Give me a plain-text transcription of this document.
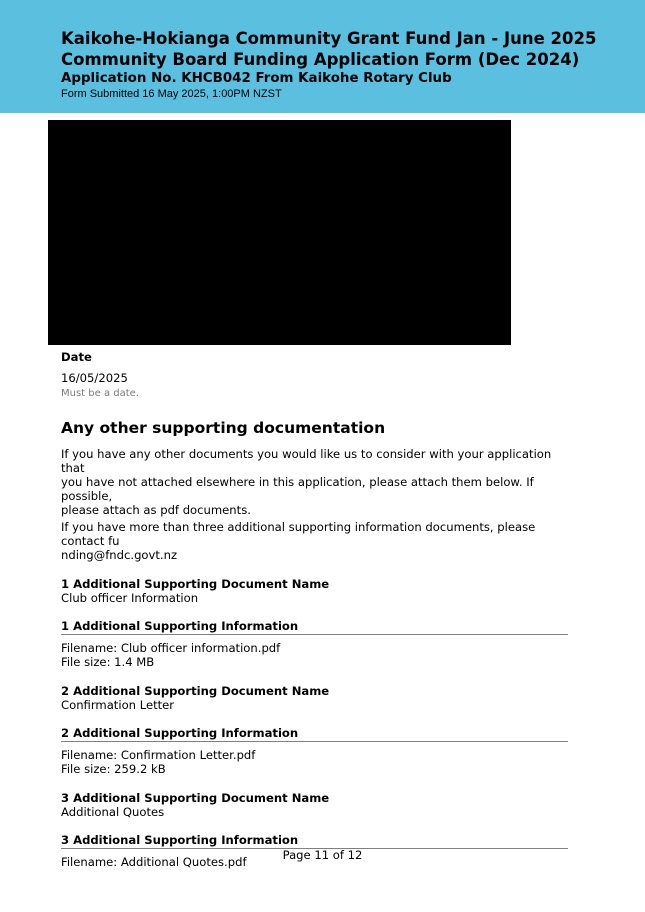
Kaikohe-Hokianga Community Grant Fund Jan - June 2025
Community Board Funding Application Form (Dec 2024)
Application No. KHCB042 From Kaikohe Rotary Club
Form Submitted 16 May 2025, 1:00PM NZST
Date
16/05/2025
Must be a date.
Any other supporting documentation
If you have any other documents you would like us to consider with your application that
you have not attached elsewhere in this application, please attach them below. If possible,
please attach as pdf documents.
If you have more than three additional supporting information documents, please contact fu
nding@fndc.govt.nz
1 Additional Supporting Document Name
Club officer Information
1 Additional Supporting Information
Filename: Club officer information.pdf
File size: 1.4 MB
2 Additional Supporting Document Name
Confirmation Letter
2 Additional Supporting Information
Filename: Confirmation Letter.pdf
File size: 259.2 kB
3 Additional Supporting Document Name
Additional Quotes
3 Additional Supporting Information
Filename: Additional Quotes.pdf	Page 11 of 12
